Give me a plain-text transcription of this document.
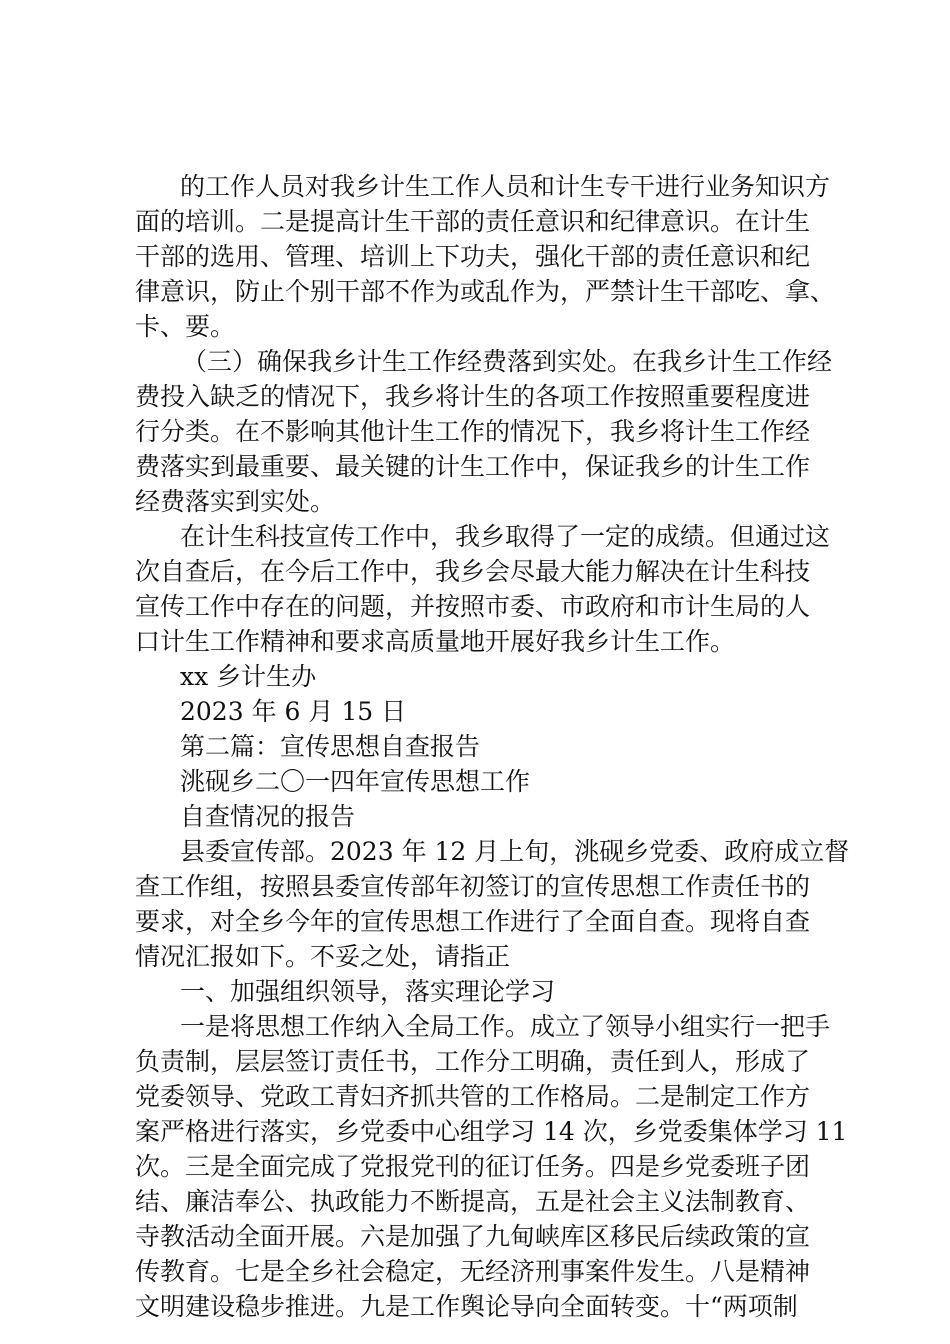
的工作人员对我乡计生工作人员和计生专干进行业务知识方
面的培训。二是提高计生干部的责任意识和纪律意识。在计生
干部的选用、管理、培训上下功夫，强化干部的责任意识和纪
律意识，防止个别干部不作为或乱作为，严禁计生干部吃、拿、
卡、要。
（三）确保我乡计生工作经费落到实处。在我乡计生工作经
费投入缺乏的情况下，我乡将计生的各项工作按照重要程度进
行分类。在不影响其他计生工作的情况下，我乡将计生工作经
费落实到最重要、最关键的计生工作中，保证我乡的计生工作
经费落实到实处。
在计生科技宣传工作中，我乡取得了一定的成绩。但通过这
次自查后，在今后工作中，我乡会尽最大能力解决在计生科技
宣传工作中存在的问题，并按照市委、市政府和市计生局的人
口计生工作精神和要求高质量地开展好我乡计生工作。
xx 乡计生办
2023 年 6 月 15 日
第二篇：宣传思想自查报告
洮砚乡二〇一四年宣传思想工作
自查情况的报告
县委宣传部。2023 年 12 月上旬，洮砚乡党委、政府成立督
查工作组，按照县委宣传部年初签订的宣传思想工作责任书的
要求，对全乡今年的宣传思想工作进行了全面自查。现将自查
情况汇报如下。不妥之处，请指正
一、加强组织领导，落实理论学习
一是将思想工作纳入全局工作。成立了领导小组实行一把手
负责制，层层签订责任书，工作分工明确，责任到人，形成了
党委领导、党政工青妇齐抓共管的工作格局。二是制定工作方
案严格进行落实，乡党委中心组学习 14 次，乡党委集体学习 11
次。三是全面完成了党报党刊的征订任务。四是乡党委班子团
结、廉洁奉公、执政能力不断提高，五是社会主义法制教育、
寺教活动全面开展。六是加强了九甸峡库区移民后续政策的宣
传教育。七是全乡社会稳定，无经济刑事案件发生。八是精神
文明建设稳步推进。九是工作舆论导向全面转变。十“两项制
